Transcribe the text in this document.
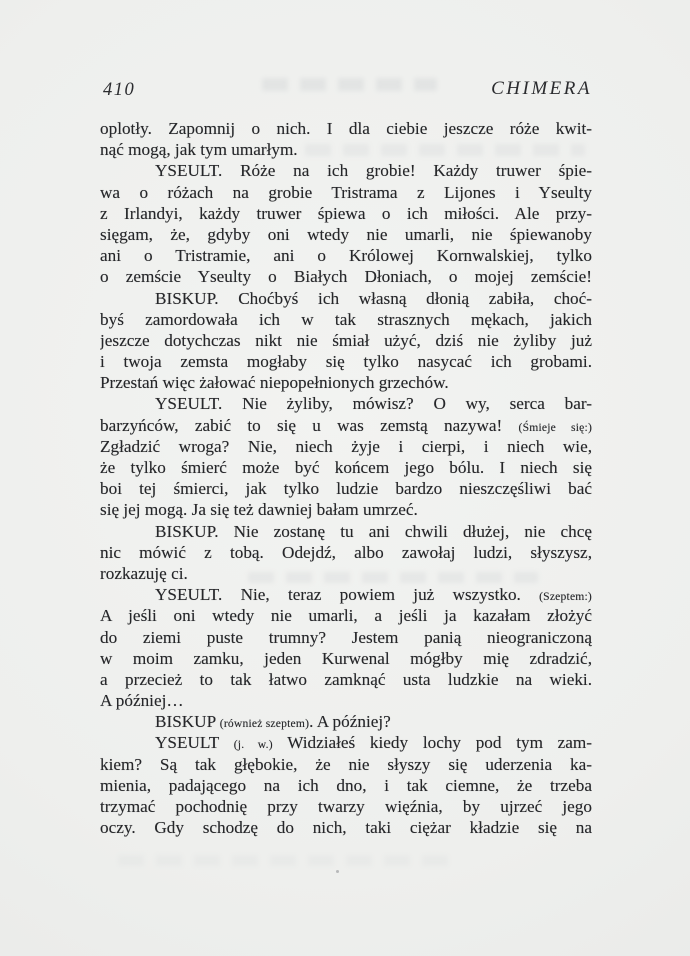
410	CHIMERA
oplotły. Zapomnij o nich. I dla ciebie jeszcze róże kwit-
nąć mogą, jak tym umarłym.
YSEULT. Róże na ich grobie! Każdy truwer śpie-
wa o różach na grobie Tristrama z Lijones i Yseulty
z Irlandyi, każdy truwer śpiewa o ich miłości. Ale przy-
sięgam, że, gdyby oni wtedy nie umarli, nie śpiewanoby
ani o Tristramie, ani o Królowej Kornwalskiej, tylko
o zemście Yseulty o Białych Dłoniach, o mojej zemście!
BISKUP. Choćbyś ich własną dłonią zabiła, choć-
byś zamordowała ich w tak strasznych mękach, jakich
jeszcze dotychczas nikt nie śmiał użyć, dziś nie żyliby już
i twoja zemsta mogłaby się tylko nasycać ich grobami.
Przestań więc żałować niepopełnionych grzechów.
YSEULT. Nie żyliby, mówisz? O wy, serca bar-
barzyńców, zabić to się u was zemstą nazywa! (Śmieje się:)
Zgładzić wroga? Nie, niech żyje i cierpi, i niech wie,
że tylko śmierć może być końcem jego bólu. I niech się
boi tej śmierci, jak tylko ludzie bardzo nieszczęśliwi bać
się jej mogą. Ja się też dawniej bałam umrzeć.
BISKUP. Nie zostanę tu ani chwili dłużej, nie chcę
nic mówić z tobą. Odejdź, albo zawołaj ludzi, słyszysz,
rozkazuję ci.
YSEULT. Nie, teraz powiem już wszystko. (Szeptem:)
A jeśli oni wtedy nie umarli, a jeśli ja kazałam złożyć
do ziemi puste trumny? Jestem panią nieograniczoną
w moim zamku, jeden Kurwenal mógłby mię zdradzić,
a przecież to tak łatwo zamknąć usta ludzkie na wieki.
A później…
BISKUP (również szeptem). A później?
YSEULT (j. w.) Widziałeś kiedy lochy pod tym zam-
kiem? Są tak głębokie, że nie słyszy się uderzenia ka-
mienia, padającego na ich dno, i tak ciemne, że trzeba
trzymać pochodnię przy twarzy więźnia, by ujrzeć jego
oczy. Gdy schodzę do nich, taki ciężar kładzie się na
